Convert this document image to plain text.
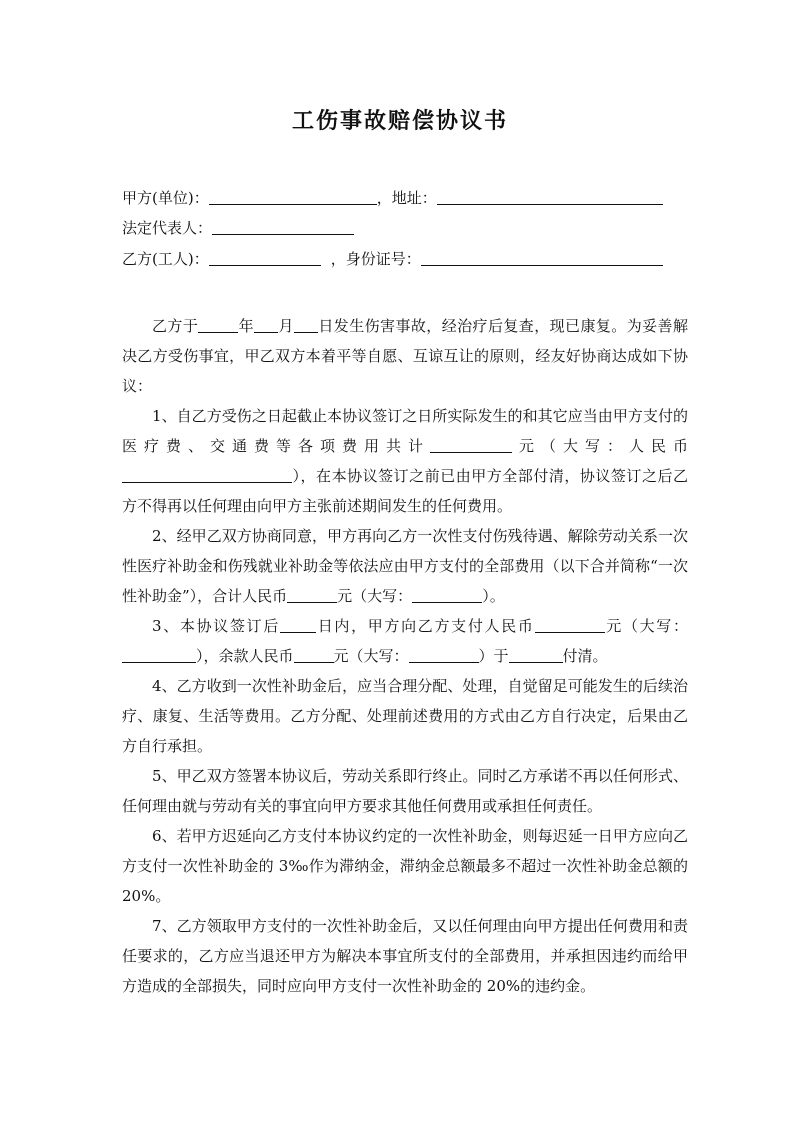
工伤事故赔偿协议书
甲方(单位)：	，地址：
法定代表人：
乙方(工人)：	，身份证号：

乙方于	年 月 日发生伤害事故，经治疗后复查，现已康复。为妥善解决乙方受伤事宜，甲乙双方本着平等自愿、互谅互让的原则，经友好协商达成如下协议：

1、自乙方受伤之日起截止本协议签订之日所实际发生的和其它应当由甲方支付的医疗费、交通费等各项费用共计	元（大写：人民币），在本协议签订之前已由甲方全部付清，协议签订之后乙方不得再以任何理由向甲方主张前述期间发生的任何费用。

2、经甲乙双方协商同意，甲方再向乙方一次性支付伤残待遇、解除劳动关系一次性医疗补助金和伤残就业补助金等依法应由甲方支付的全部费用（以下合并简称“一次性补助金”），合计人民币	元（大写：	）。

3、本协议签订后 日内，甲方向乙方支付人民币	元（大写：），余款人民币	元（大写：	）于	付清。

4、乙方收到一次性补助金后，应当合理分配、处理，自觉留足可能发生的后续治疗、康复、生活等费用。乙方分配、处理前述费用的方式由乙方自行决定，后果由乙方自行承担。

5、甲乙双方签署本协议后，劳动关系即行终止。同时乙方承诺不再以任何形式、任何理由就与劳动有关的事宜向甲方要求其他任何费用或承担任何责任。

6、若甲方迟延向乙方支付本协议约定的一次性补助金，则每迟延一日甲方应向乙方支付一次性补助金的 3‰作为滞纳金，滞纳金总额最多不超过一次性补助金总额的 20%。

7、乙方领取甲方支付的一次性补助金后，又以任何理由向甲方提出任何费用和责任要求的，乙方应当退还甲方为解决本事宜所支付的全部费用，并承担因违约而给甲方造成的全部损失，同时应向甲方支付一次性补助金的 20%的违约金。
